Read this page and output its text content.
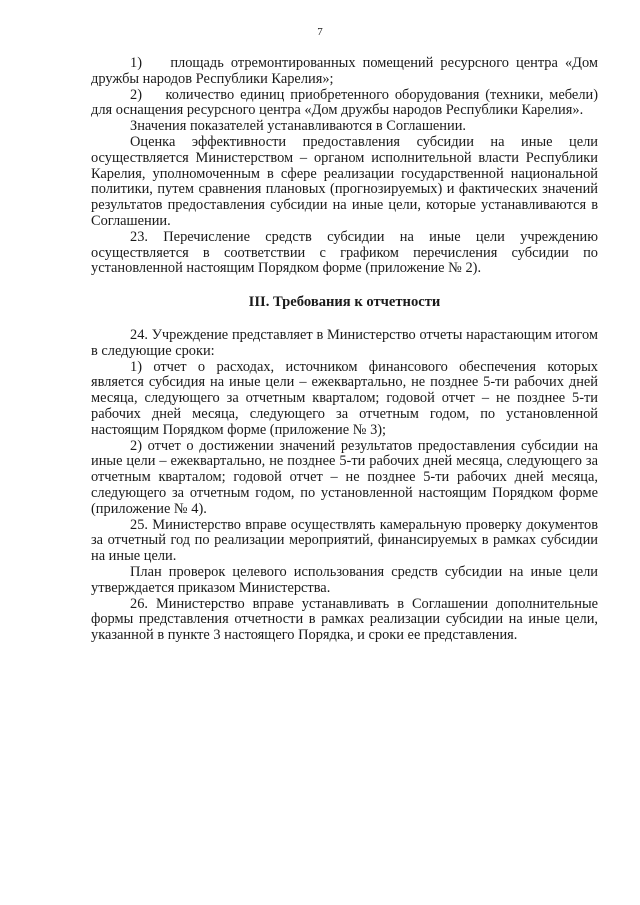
7

1)    площадь отремонтированных помещений ресурсного центра «Дом дружбы народов Республики Карелия»;

2)    количество единиц приобретенного оборудования (техники, мебели) для оснащения ресурсного центра «Дом дружбы народов Республики Карелия».

Значения показателей устанавливаются в Соглашении.

Оценка эффективности предоставления субсидии на иные цели осуществляется Министерством – органом исполнительной власти Республики Карелия, уполномоченным в сфере реализации государственной национальной политики, путем сравнения плановых (прогнозируемых) и фактических значений результатов предоставления субсидии на иные цели, которые устанавливаются в Соглашении.

23. Перечисление средств субсидии на иные цели учреждению осуществляется в соответствии с графиком перечисления субсидии по установленной настоящим Порядком форме (приложение № 2).

III. Требования к отчетности

24. Учреждение представляет в Министерство отчеты нарастающим итогом в следующие сроки:

1) отчет о расходах, источником финансового обеспечения которых является субсидия на иные цели – ежеквартально, не позднее 5-ти рабочих дней месяца, следующего за отчетным кварталом; годовой отчет – не позднее 5-ти рабочих дней месяца, следующего за отчетным годом, по установленной настоящим Порядком форме (приложение № 3);

2) отчет о достижении значений результатов предоставления субсидии на иные цели – ежеквартально, не позднее 5-ти рабочих дней месяца, следующего за отчетным кварталом; годовой отчет – не позднее 5-ти рабочих дней месяца, следующего за отчетным годом, по установленной настоящим Порядком форме (приложение № 4).

25. Министерство вправе осуществлять камеральную проверку документов за отчетный год по реализации мероприятий, финансируемых в рамках субсидии на иные цели.

План проверок целевого использования средств субсидии на иные цели утверждается приказом Министерства.

26. Министерство вправе устанавливать в Соглашении дополнительные формы представления отчетности в рамках реализации субсидии на иные цели, указанной в пункте 3 настоящего Порядка, и сроки ее представления.
